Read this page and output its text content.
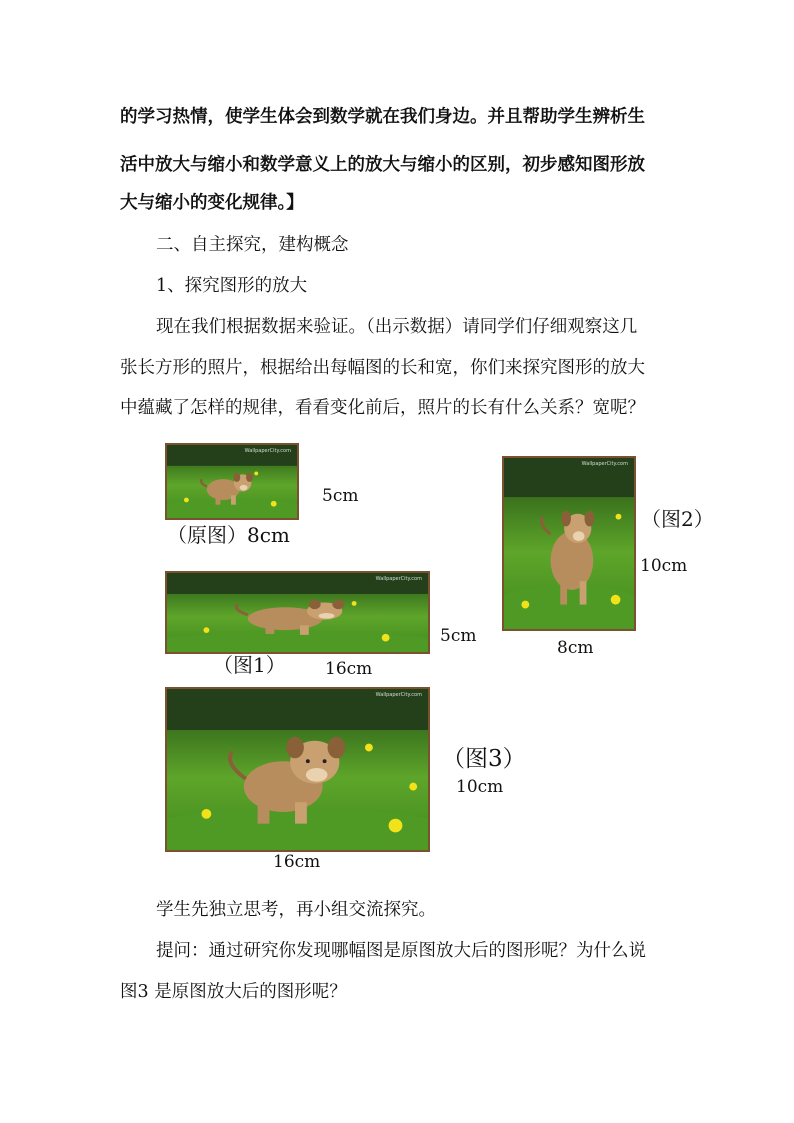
的学习热情，使学生体会到数学就在我们身边。并且帮助学生辨析生
活中放大与缩小和数学意义上的放大与缩小的区别，初步感知图形放
大与缩小的变化规律。】
二、自主探究，建构概念
1、探究图形的放大
现在我们根据数据来验证。（出示数据）请同学们仔细观察这几
张长方形的照片，根据给出每幅图的长和宽，你们来探究图形的放大
中蕴藏了怎样的规律，看看变化前后，照片的长有什么关系？宽呢？
WallpaperCity.com
5cm
（原图）8cm
WallpaperCity.com
（图2）
10cm
8cm
WallpaperCity.com
5cm
（图1） 16cm
WallpaperCity.com
（图3）
10cm
16cm
学生先独立思考，再小组交流探究。
提问：通过研究你发现哪幅图是原图放大后的图形呢？为什么说
图3 是原图放大后的图形呢？
